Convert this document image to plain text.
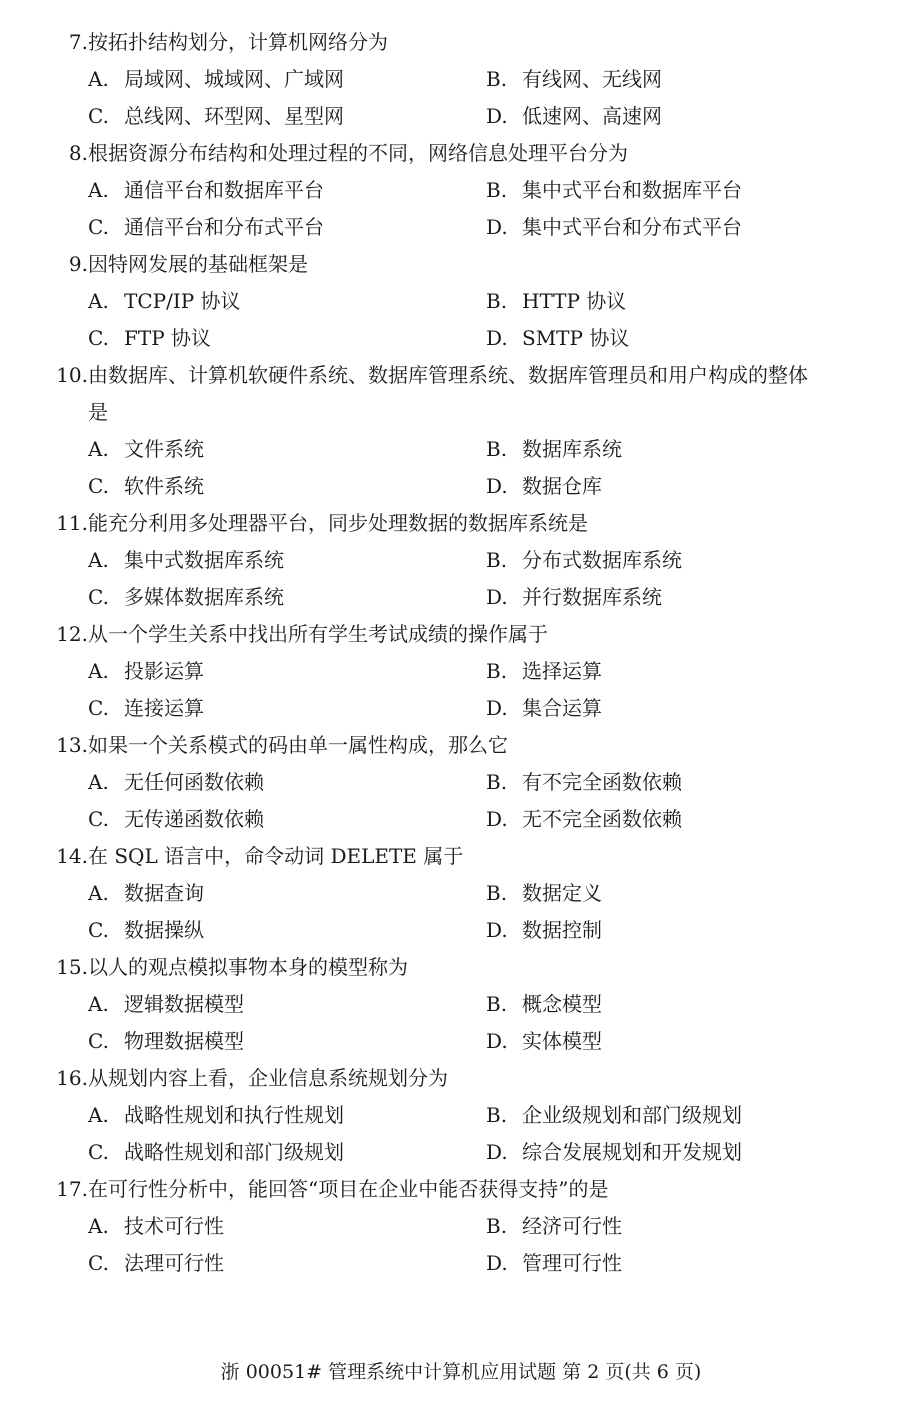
7. 按拓扑结构划分，计算机网络分为
A. 局域网、城域网、广域网	B. 有线网、无线网
C. 总线网、环型网、星型网	D. 低速网、高速网
8. 根据资源分布结构和处理过程的不同，网络信息处理平台分为
A. 通信平台和数据库平台	B. 集中式平台和数据库平台
C. 通信平台和分布式平台	D. 集中式平台和分布式平台
9. 因特网发展的基础框架是
A. TCP/IP 协议	B. HTTP 协议
C. FTP 协议	D. SMTP 协议
10. 由数据库、计算机软硬件系统、数据库管理系统、数据库管理员和用户构成的整体
是
A. 文件系统	B. 数据库系统
C. 软件系统	D. 数据仓库
11. 能充分利用多处理器平台，同步处理数据的数据库系统是
A. 集中式数据库系统	B. 分布式数据库系统
C. 多媒体数据库系统	D. 并行数据库系统
12. 从一个学生关系中找出所有学生考试成绩的操作属于
A. 投影运算	B. 选择运算
C. 连接运算	D. 集合运算
13. 如果一个关系模式的码由单一属性构成，那么它
A. 无任何函数依赖	B. 有不完全函数依赖
C. 无传递函数依赖	D. 无不完全函数依赖
14. 在 SQL 语言中，命令动词 DELETE 属于
A. 数据查询	B. 数据定义
C. 数据操纵	D. 数据控制
15. 以人的观点模拟事物本身的模型称为
A. 逻辑数据模型	B. 概念模型
C. 物理数据模型	D. 实体模型
16. 从规划内容上看，企业信息系统规划分为
A. 战略性规划和执行性规划	B. 企业级规划和部门级规划
C. 战略性规划和部门级规划	D. 综合发展规划和开发规划
17. 在可行性分析中，能回答“项目在企业中能否获得支持”的是
A. 技术可行性	B. 经济可行性
C. 法理可行性	D. 管理可行性
浙 00051# 管理系统中计算机应用试题 第 2 页(共 6 页)
